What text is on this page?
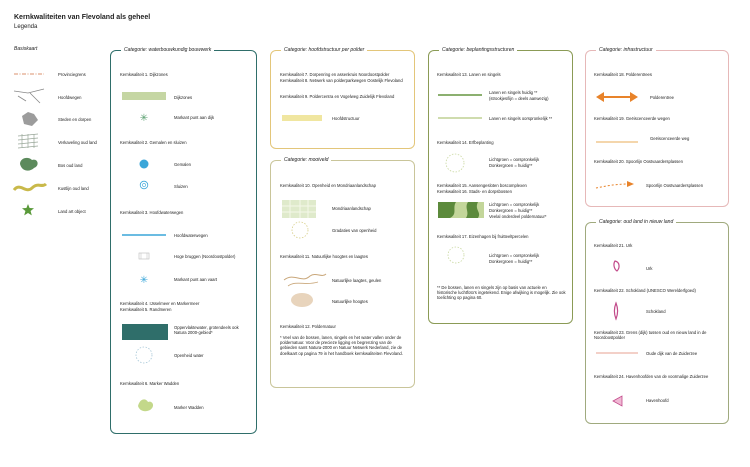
Kernkwaliteiten van Flevoland als geheel
Legenda
Basiskaart
Provinciegrens
Hoofdwegen
Steden en dorpen
Verkaveling oud land
Bos oud land
Kustlijn oud land
Land art object
Categorie: waterbouwkundig bouwwerk
Kernkwaliteit 1. Dijkzones
Dijkzones
✳	Markant punt aan dijk
Kernkwaliteit 2. Gemalen en sluizen
Gemalen
Sluizen
Kernkwaliteit 3. Hoofdwaterwegen
Hoofdwaterwegen
Hoge bruggen (Noordoostpolder)
✳	Markant punt aan vaart
Kernkwaliteit 4. IJsselmeer en Markermeer
Kernkwaliteit 5. Randmeren
Oppervlaktewater, grotendeels ook Natura 2000-gebied*
Openheid water
Kernkwaliteit 6. Marker Wadden
Marker Wadden
Categorie: hoofdstructuur per polder
Kernkwaliteit 7. Dorpenring en assenkruis Noordoostpolder
Kernkwaliteit 8. Netwerk van polderparkwegen Oostelijk Flevoland
Kernkwaliteit 9. Poldercentra en Vogelweg Zuidelijk Flevoland
Hoofdstructuur
Categorie: mooiveld
Kernkwaliteit 10. Openheid en Mondriaanlandschap
Mondriaanlandschap
Gradaties van openheid
Kernkwaliteit 11. Natuurlijke hoogtes en laagtes
Natuurlijke laagtes, geulen
Natuurlijke hoogtes
Kernkwaliteit 12. Poldernatuur
* Veel van de bossen, lanen, singels en het water vallen onder de poldernatuur. Voor de precieze ligging en begrenzing van de gebieden samt Natura-2000 en Natuur Netwerk Nederland, zie de doelkaart op pagina 79 in het handboek kernkwaliteiten Flevoland.
Categorie: beplantingsstructuren
Kernkwaliteit 13. Lanen en singels
Lanen en singels huidig **
(strookjes/lijn = deels aanwezig)
Lanen en singels oorspronkelijk **
Kernkwaliteit 14. Erfbeplanting
Lichtgroen = oorspronkelijk
Donkergroen = huidig**
Kernkwaliteit 15. Aansengesloten boscomplexen
Kernkwaliteit 16. Stads- en dorpsbossen
Lichtgroen = oorspronkelijk
Donkergroen = huidig**
Veelal onderdeel poldernatuur*
Kernkwaliteit 17. Eizenhagen bij fruitteeltpercelen
Lichtgroen = oorspronkelijk
Donkergroen = huidig**
** De bossen, lanen en singels zijn op basis van actuele en historische luchtfoto's ingetekend. Enige afwijking is mogelijk. Zie ook toelichting op pagina 60.
Categorie: infrastructuur
Kernkwaliteit 18. Polderentrees
Polderentree
Kernkwaliteit 19. Geëiscenceerde wegen
Geëiscenceerde weg
Kernkwaliteit 20. Spoorlijn Oostvaardersplassen
Spoorlijn Oostvaardersplassen
Categorie: oud land in nieuw land
Kernkwaliteit 21. Urk
Urk
Kernkwaliteit 22. Schokland (UNESCO Werelderfgoed)
Schokland
Kernkwaliteit 23. Grens (dijk) tussen oud en nieuw land in de Noordoostpolder
Oude dijk van de Zuiderzee
Kernkwaliteit 24. Havenhoofden van de voormalige Zuiderzee
Havenhoofd
